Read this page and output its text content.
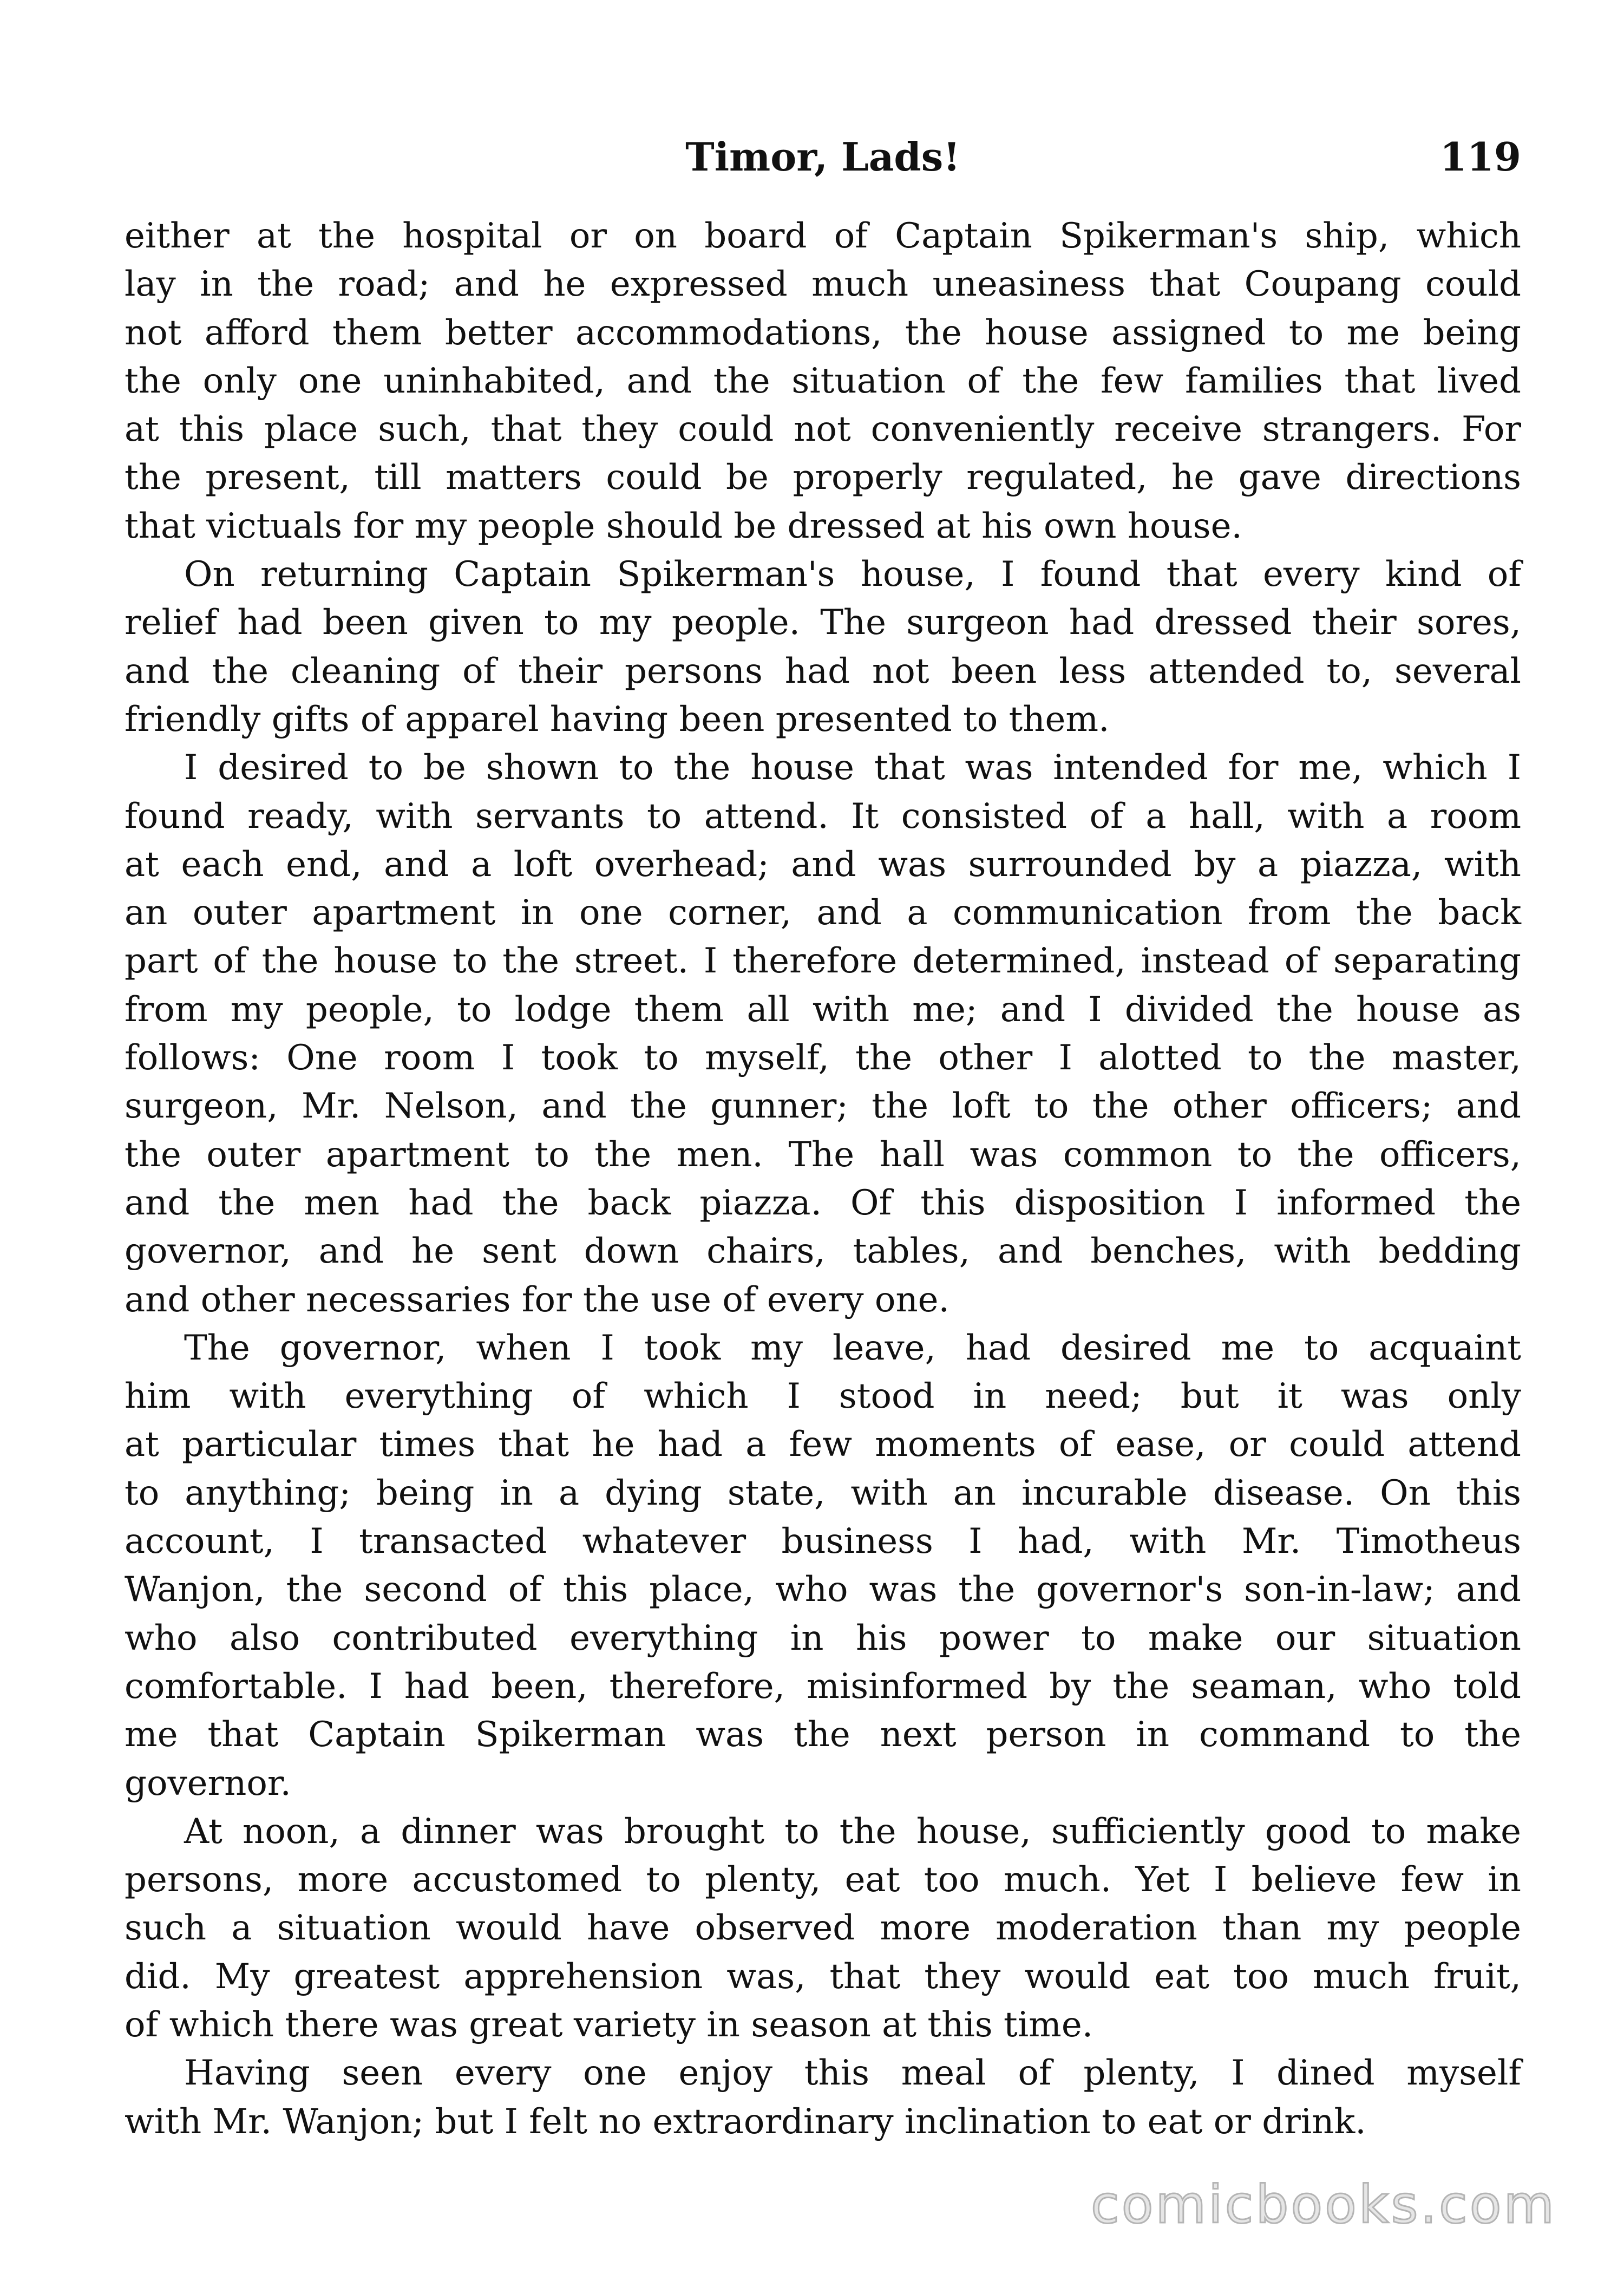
Timor, Lads!	119
either at the hospital or on board of Captain Spikerman's ship, which
lay in the road; and he expressed much uneasiness that Coupang could
not afford them better accommodations, the house assigned to me being
the only one uninhabited, and the situation of the few families that lived
at this place such, that they could not conveniently receive strangers. For
the present, till matters could be properly regulated, he gave directions
that victuals for my people should be dressed at his own house.
On returning Captain Spikerman's house, I found that every kind of
relief had been given to my people. The surgeon had dressed their sores,
and the cleaning of their persons had not been less attended to, several
friendly gifts of apparel having been presented to them.
I desired to be shown to the house that was intended for me, which I
found ready, with servants to attend. It consisted of a hall, with a room
at each end, and a loft overhead; and was surrounded by a piazza, with
an outer apartment in one corner, and a communication from the back
part of the house to the street. I therefore determined, instead of separating
from my people, to lodge them all with me; and I divided the house as
follows: One room I took to myself, the other I alotted to the master,
surgeon, Mr. Nelson, and the gunner; the loft to the other officers; and
the outer apartment to the men. The hall was common to the officers,
and the men had the back piazza. Of this disposition I informed the
governor, and he sent down chairs, tables, and benches, with bedding
and other necessaries for the use of every one.
The governor, when I took my leave, had desired me to acquaint
him with everything of which I stood in need; but it was only
at particular times that he had a few moments of ease, or could attend
to anything; being in a dying state, with an incurable disease. On this
account, I transacted whatever business I had, with Mr. Timotheus
Wanjon, the second of this place, who was the governor's son-in-law; and
who also contributed everything in his power to make our situation
comfortable. I had been, therefore, misinformed by the seaman, who told
me that Captain Spikerman was the next person in command to the
governor.
At noon, a dinner was brought to the house, sufficiently good to make
persons, more accustomed to plenty, eat too much. Yet I believe few in
such a situation would have observed more moderation than my people
did. My greatest apprehension was, that they would eat too much fruit,
of which there was great variety in season at this time.
Having seen every one enjoy this meal of plenty, I dined myself
with Mr. Wanjon; but I felt no extraordinary inclination to eat or drink.
comicbooks.com
